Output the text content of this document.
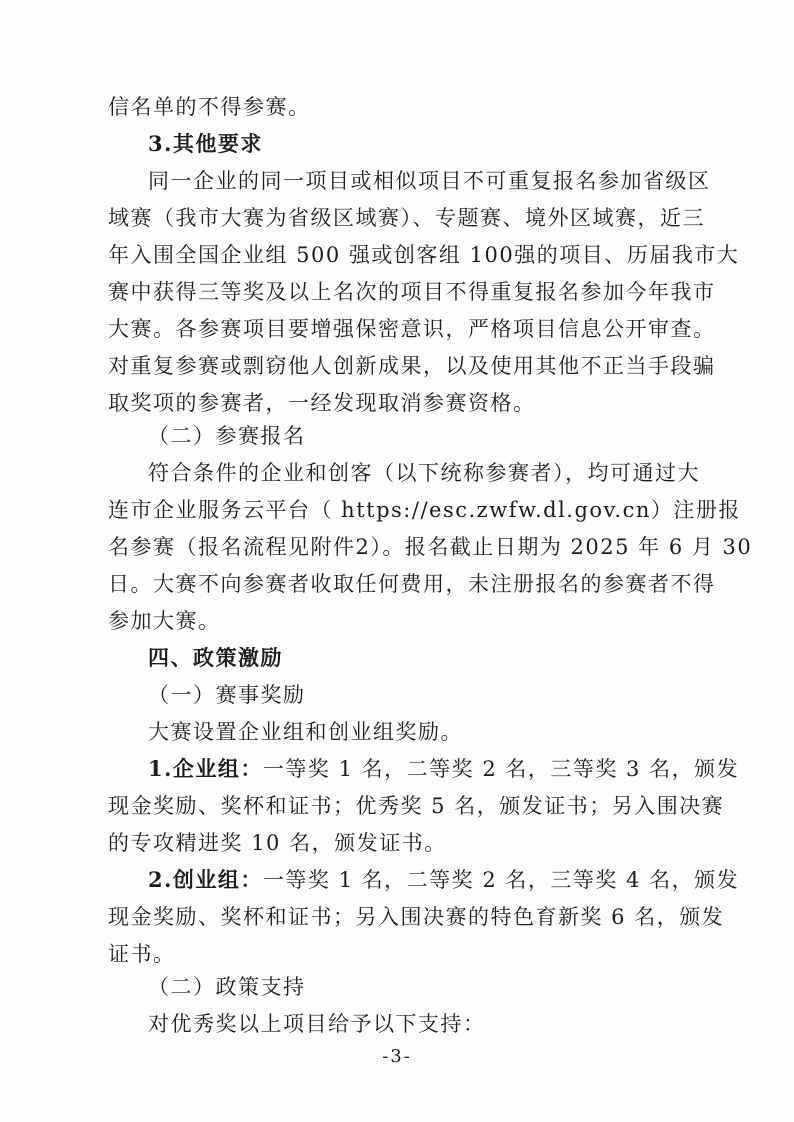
信名单的不得参赛。
3.其他要求
同一企业的同一项目或相似项目不可重复报名参加省级区
域赛（我市大赛为省级区域赛）、专题赛、境外区域赛，近三
年入围全国企业组 500 强或创客组 100强的项目、历届我市大
赛中获得三等奖及以上名次的项目不得重复报名参加今年我市
大赛。各参赛项目要增强保密意识，严格项目信息公开审查。
对重复参赛或剽窃他人创新成果，以及使用其他不正当手段骗
取奖项的参赛者，一经发现取消参赛资格。
（二）参赛报名
符合条件的企业和创客（以下统称参赛者），均可通过大
连市企业服务云平台（ https://esc.zwfw.dl.gov.cn）注册报
名参赛（报名流程见附件2）。报名截止日期为 2025 年 6 月 30
日。大赛不向参赛者收取任何费用，未注册报名的参赛者不得
参加大赛。
四、政策激励
（一）赛事奖励
大赛设置企业组和创业组奖励。
1.企业组：一等奖 1 名，二等奖 2 名，三等奖 3 名，颁发
现金奖励、奖杯和证书；优秀奖 5 名，颁发证书；另入围决赛
的专攻精进奖 10 名，颁发证书。
2.创业组：一等奖 1 名，二等奖 2 名，三等奖 4 名，颁发
现金奖励、奖杯和证书；另入围决赛的特色育新奖 6 名，颁发
证书。
（二）政策支持
对优秀奖以上项目给予以下支持：
-3-
